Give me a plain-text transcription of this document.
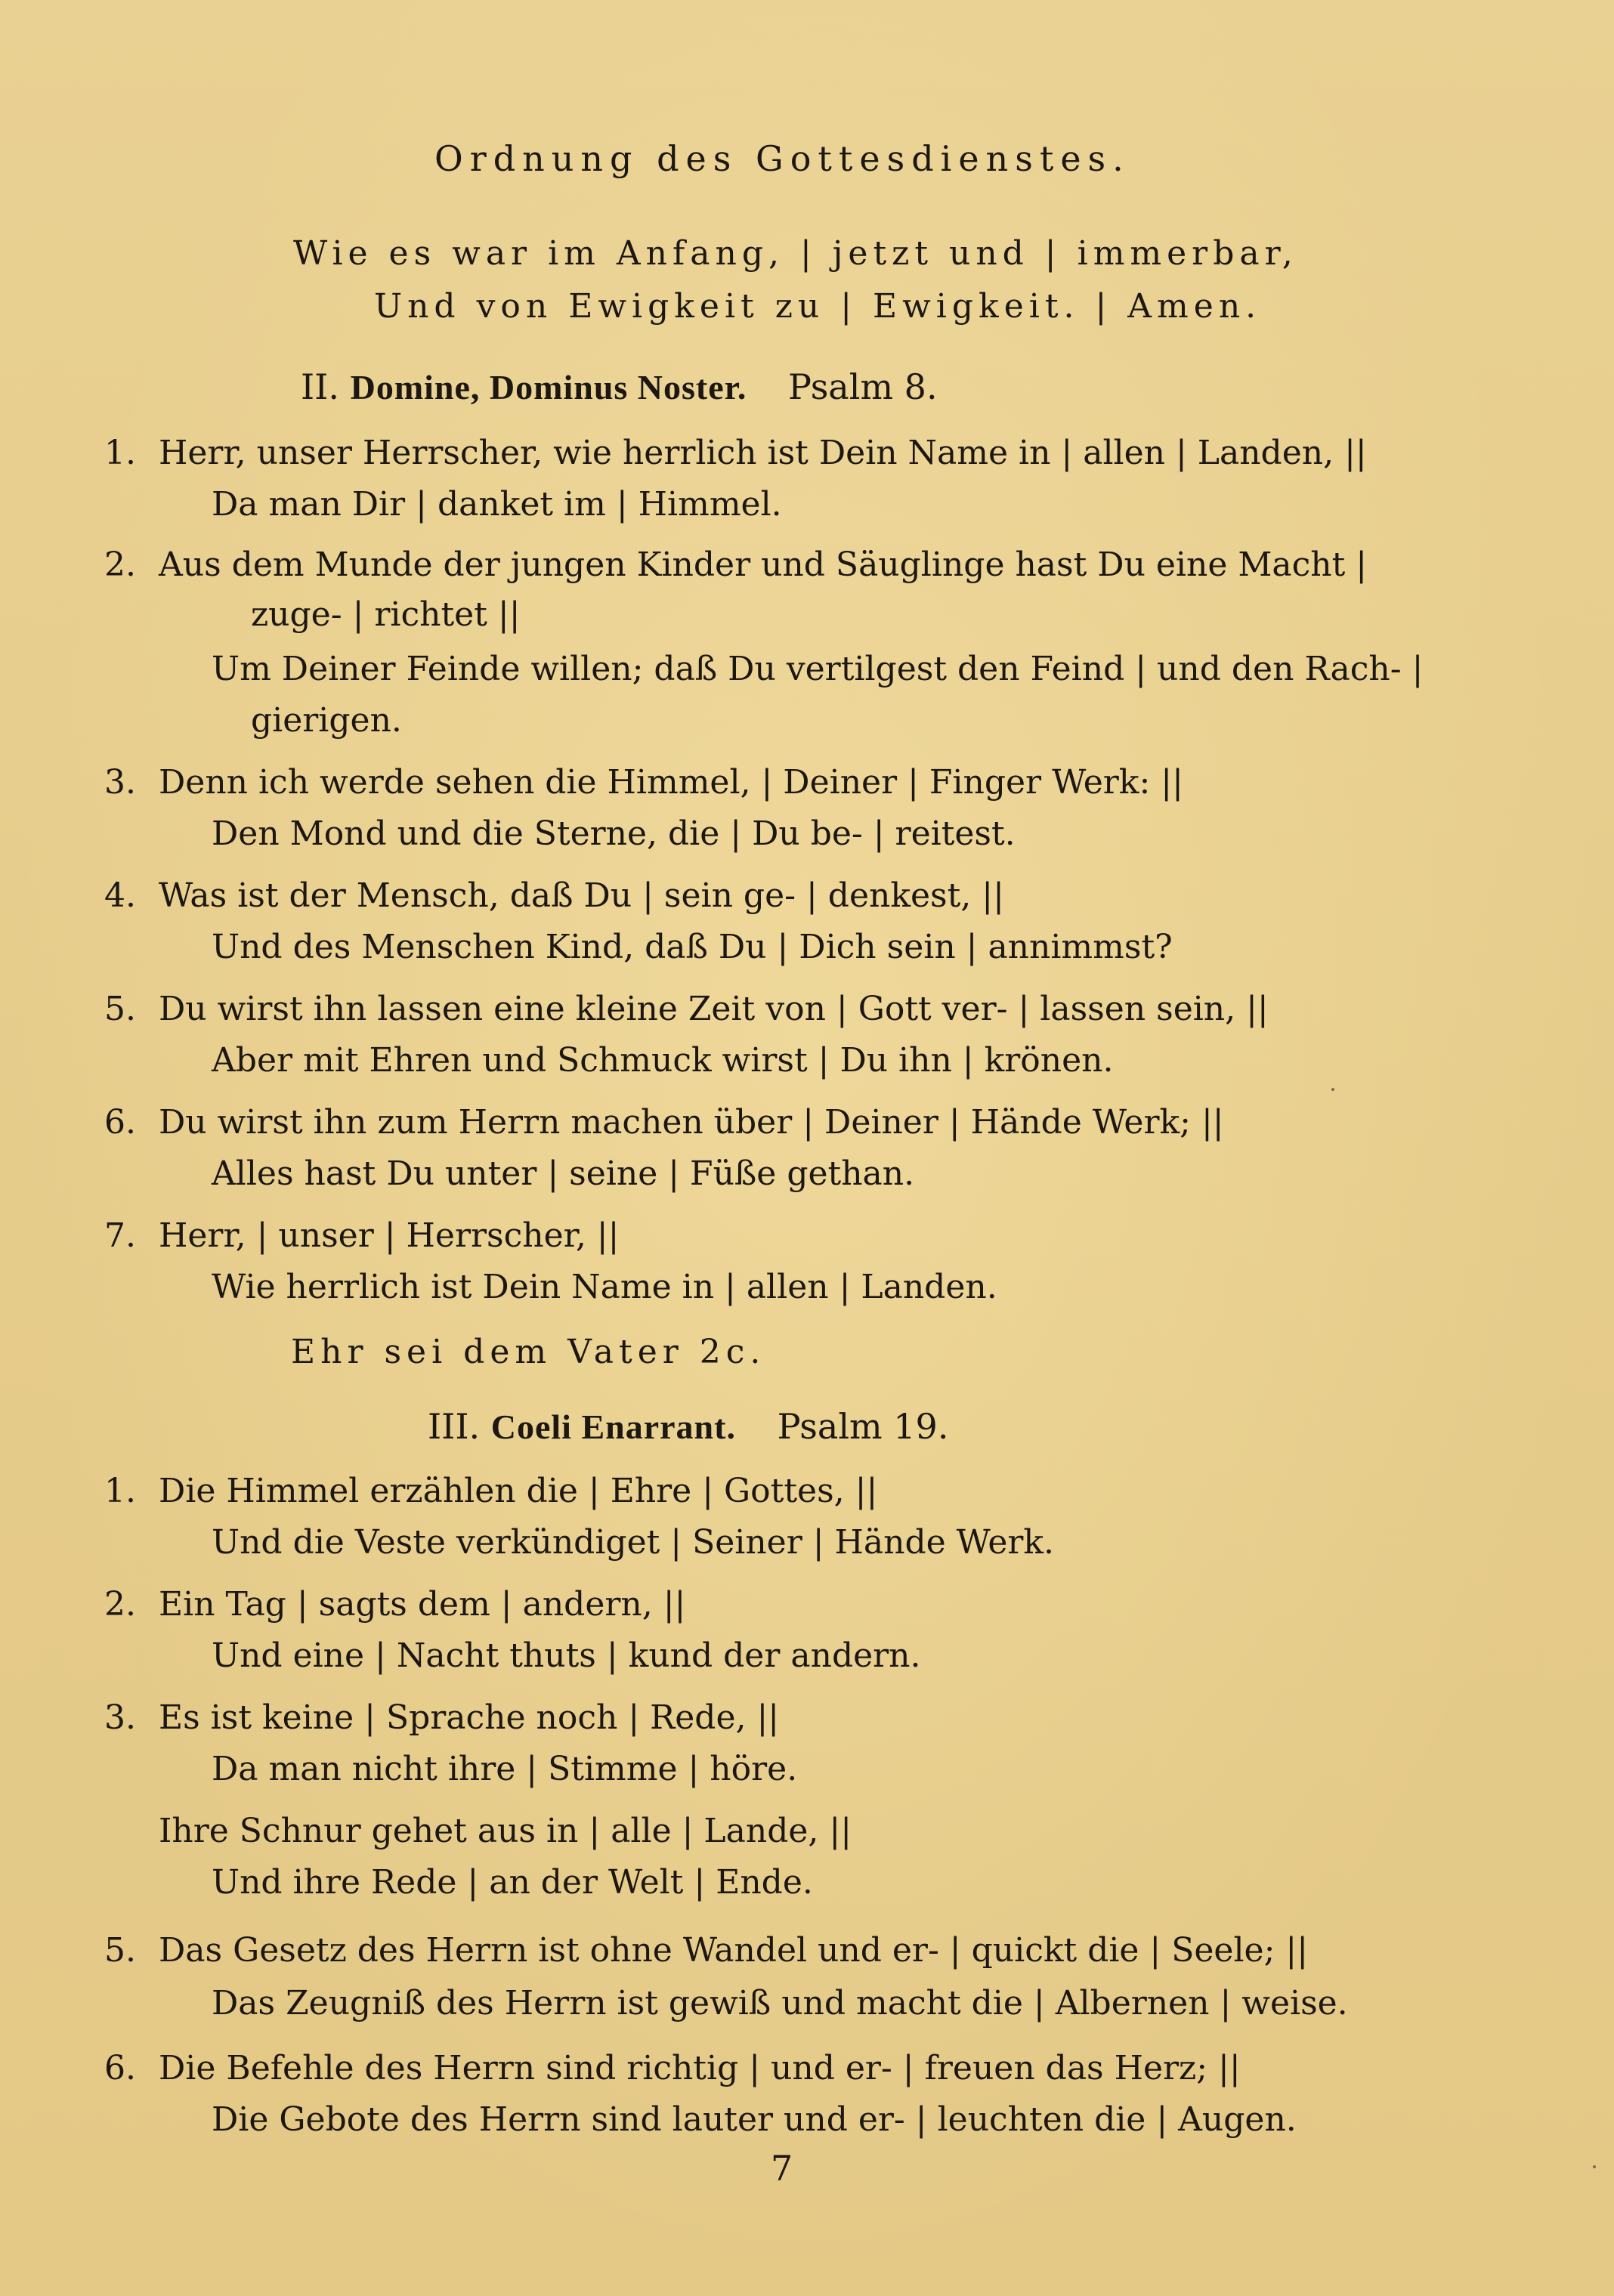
Ordnung des Gottesdienstes.
Wie es war im Anfang, | jetzt und | immerbar,
Und von Ewigkeit zu | Ewigkeit. | Amen.
II. Domine, Dominus Noster. Psalm 8.
1. Herr, unser Herrscher, wie herrlich ist Dein Name in | allen | Landen, ||
Da man Dir | danket im | Himmel.
2. Aus dem Munde der jungen Kinder und Säuglinge hast Du eine Macht |
zuge- | richtet ||
Um Deiner Feinde willen; daß Du vertilgest den Feind | und den Rach- |
gierigen.
3. Denn ich werde sehen die Himmel, | Deiner | Finger Werk: ||
Den Mond und die Sterne, die | Du be- | reitest.
4. Was ist der Mensch, daß Du | sein ge- | denkest, ||
Und des Menschen Kind, daß Du | Dich sein | annimmst?
5. Du wirst ihn lassen eine kleine Zeit von | Gott ver- | lassen sein, ||
Aber mit Ehren und Schmuck wirst | Du ihn | krönen.
6. Du wirst ihn zum Herrn machen über | Deiner | Hände Werk; ||
Alles hast Du unter | seine | Füße gethan.
7. Herr, | unser | Herrscher, ||
Wie herrlich ist Dein Name in | allen | Landen.
Ehr sei dem Vater 2c.
III. Coeli Enarrant. Psalm 19.
1. Die Himmel erzählen die | Ehre | Gottes, ||
Und die Veste verkündiget | Seiner | Hände Werk.
2. Ein Tag | sagts dem | andern, ||
Und eine | Nacht thuts | kund der andern.
3. Es ist keine | Sprache noch | Rede, ||
Da man nicht ihre | Stimme | höre.
Ihre Schnur gehet aus in | alle | Lande, ||
Und ihre Rede | an der Welt | Ende.
5. Das Gesetz des Herrn ist ohne Wandel und er- | quickt die | Seele; ||
Das Zeugniß des Herrn ist gewiß und macht die | Albernen | weise.
6. Die Befehle des Herrn sind richtig | und er- | freuen das Herz; ||
Die Gebote des Herrn sind lauter und er- | leuchten die | Augen.
7
